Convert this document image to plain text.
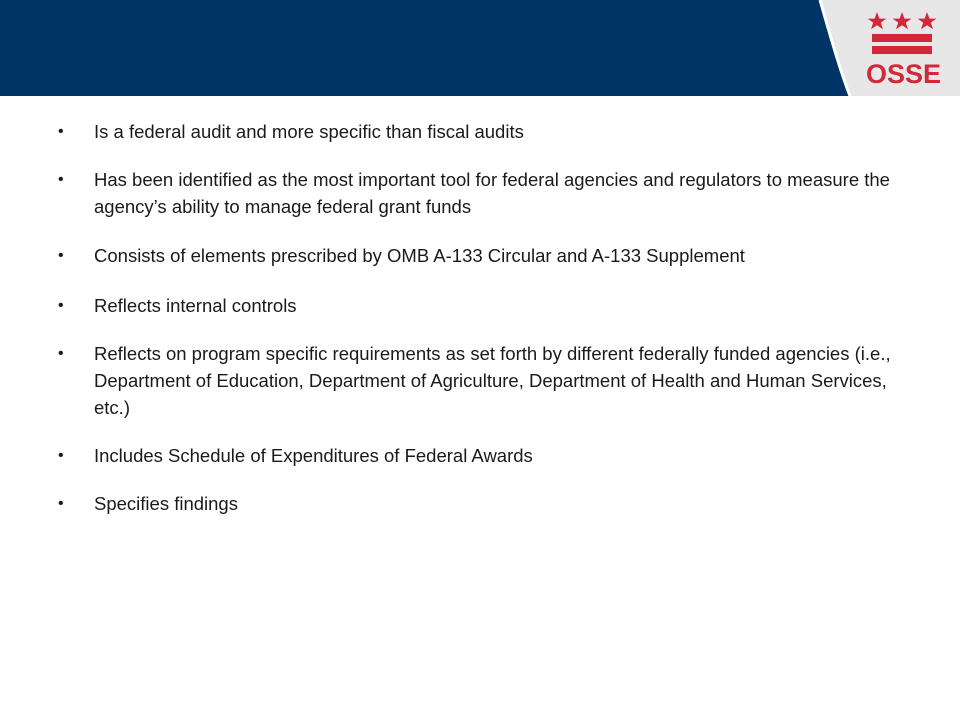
OSSE
•	Is a federal audit and more specific than fiscal audits
•	Has been identified as the most important tool for federal agencies and regulators to measure the agency’s ability to manage federal grant funds
•	Consists of elements prescribed by OMB A-133 Circular and A-133 Supplement
•	Reflects internal controls
•	Reflects on program specific requirements as set forth by different federally funded agencies (i.e., Department of Education, Department of Agriculture, Department of Health and Human Services, etc.)
•	Includes Schedule of Expenditures of Federal Awards
•	Specifies findings
